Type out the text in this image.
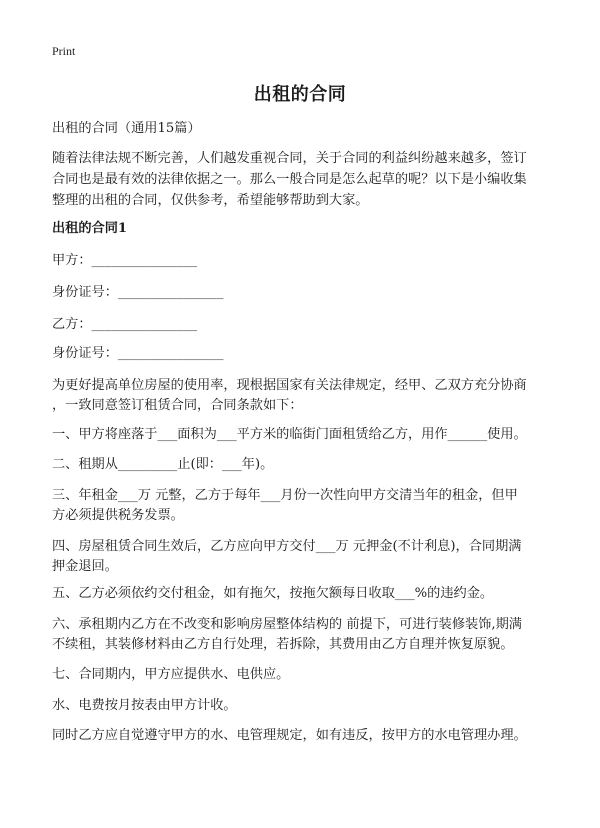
Print
出租的合同
出租的合同（通用15篇）
随着法律法规不断完善，人们越发重视合同，关于合同的利益纠纷越来越多，签订
合同也是最有效的法律依据之一。那么一般合同是怎么起草的呢？以下是小编收集
整理的出租的合同，仅供参考，希望能够帮助到大家。
出租的合同1
甲方：________________
身份证号：________________
乙方：________________
身份证号：________________
为更好提高单位房屋的使用率，现根据国家有关法律规定，经甲、乙双方充分协商
，一致同意签订租赁合同，合同条款如下：
一、甲方将座落于___面积为___平方米的临街门面租赁给乙方，用作______使用。
二、租期从_________止(即：___年)。
三、年租金___万 元整，乙方于每年___月份一次性向甲方交清当年的租金，但甲
方必须提供税务发票。
四、房屋租赁合同生效后，乙方应向甲方交付___万 元押金(不计利息)，合同期满
押金退回。
五、乙方必须依约交付租金，如有拖欠，按拖欠额每日收取___%的违约金。
六、承租期内乙方在不改变和影响房屋整体结构的 前提下，可进行装修装饰,期满
不续租，其装修材料由乙方自行处理，若拆除，其费用由乙方自理并恢复原貌。
七、合同期内，甲方应提供水、电供应。
水、电费按月按表由甲方计收。
同时乙方应自觉遵守甲方的水、电管理规定，如有违反，按甲方的水电管理办理。
